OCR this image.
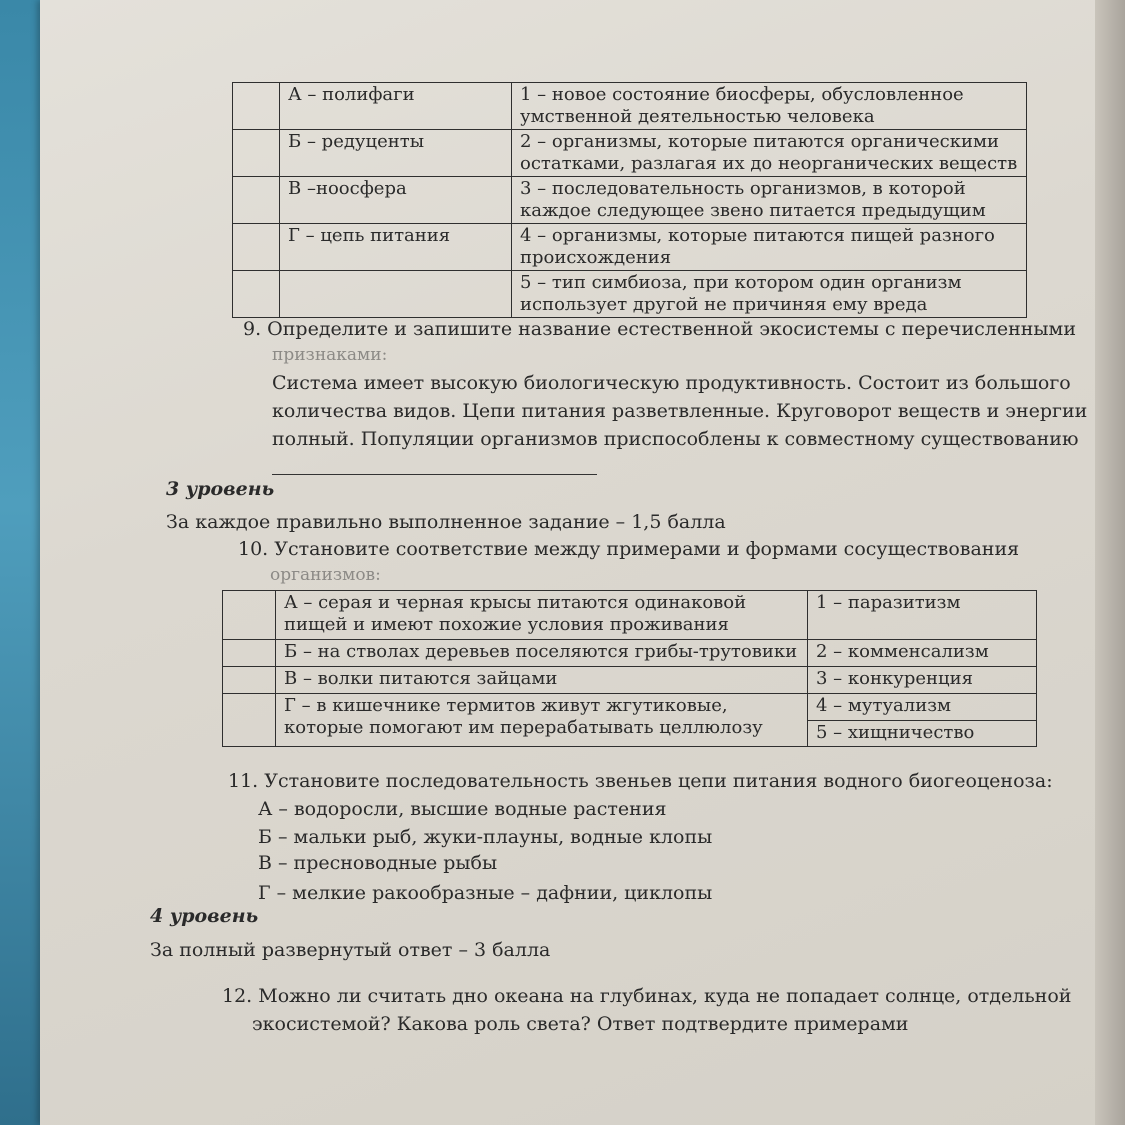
	А – полифаги	1 – новое состояние биосферы, обусловленное умственной деятельностью человека
	Б – редуценты	2 – организмы, которые питаются органическими остатками, разлагая их до неорганических веществ
	В –ноосфера	3 – последовательность организмов, в которой каждое следующее звено питается предыдущим
	Г – цепь питания	4 – организмы, которые питаются пищей разного происхождения
		5 – тип симбиоза, при котором один организм использует другой не причиняя ему вреда
9. Определите и запишите название естественной экосистемы с перечисленными
признаками:
Система имеет высокую биологическую продуктивность. Состоит из большого
количества видов. Цепи питания разветвленные. Круговорот веществ и энергии
полный. Популяции организмов приспособлены к совместному существованию
3 уровень
За каждое правильно выполненное задание – 1,5 балла
10. Установите соответствие между примерами и формами сосуществования
организмов:
	А – серая и черная крысы питаются одинаковой пищей и имеют похожие условия проживания	1 – паразитизм
	Б – на стволах деревьев поселяются грибы-трутовики	2 – комменсализм
	В – волки питаются зайцами	3 – конкуренция
	Г – в кишечнике термитов живут жгутиковые, которые помогают им перерабатывать целлюлозу	4 – мутуализм
		5 – хищничество
11. Установите последовательность звеньев цепи питания водного биогеоценоза:
А – водоросли, высшие водные растения
Б – мальки рыб, жуки-плауны, водные клопы
В – пресноводные рыбы
Г – мелкие ракообразные – дафнии, циклопы
4 уровень
За полный развернутый ответ – 3 балла
12. Можно ли считать дно океана на глубинах, куда не попадает солнце, отдельной
экосистемой? Какова роль света? Ответ подтвердите примерами
